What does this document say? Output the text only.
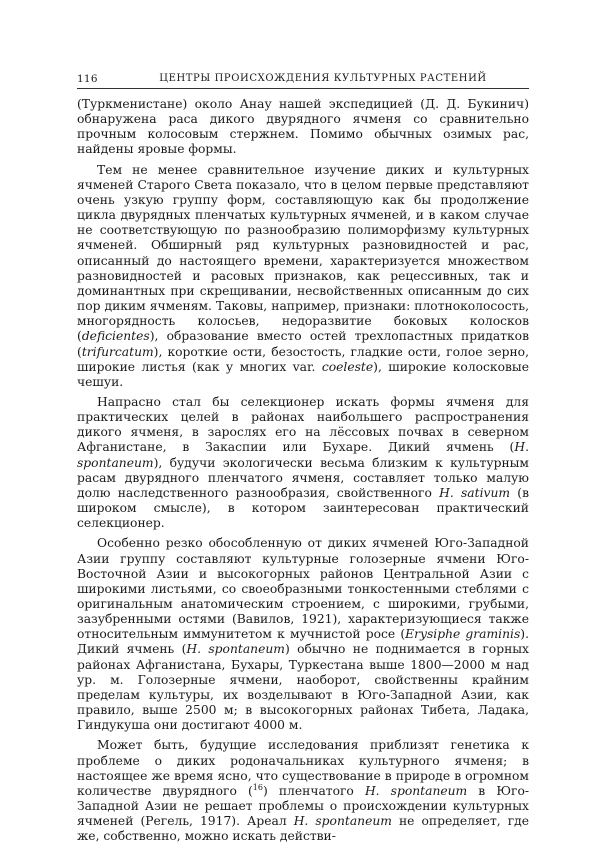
116	ЦЕНТРЫ ПРОИСХОЖДЕНИЯ КУЛЬТУРНЫХ РАСТЕНИЙ

(Туркменистане) около Анау нашей экспедицией (Д. Д. Букинич) обнаружена раса дикого двурядного ячменя со сравнительно прочным колосовым стержнем. Помимо обычных озимых рас, найдены яровые формы.

Тем не менее сравнительное изучение диких и культурных ячменей Старого Света показало, что в целом первые представляют очень узкую группу форм, составляющую как бы продолжение цикла двурядных пленчатых культурных ячменей, и в каком случае не соответствующую по разнообразию полиморфизму культурных ячменей. Обширный ряд культурных разновидностей и рас, описанный до настоящего времени, характеризуется множеством разновидностей и расовых признаков, как рецессивных, так и доминантных при скрещивании, несвойственных описанным до сих пор диким ячменям. Таковы, например, признаки: плотноколосость, многорядность колосьев, недоразвитие боковых колосков (deficientes), образование вместо остей трехлопастных придатков (trifurcatum), короткие ости, безостость, гладкие ости, голое зерно, широкие листья (как у многих var. coeleste), широкие колосковые чешуи.

Напрасно стал бы селекционер искать формы ячменя для практических целей в районах наибольшего распространения дикого ячменя, в зарослях его на лёссовых почвах в северном Афганистане, в Закаспии или Бухаре. Дикий ячмень (H. spontaneum), будучи экологически весьма близким к культурным расам двурядного пленчатого ячменя, составляет только малую долю наследственного разнообразия, свойственного H. sativum (в широком смысле), в котором заинтересован практический селекционер.

Особенно резко обособленную от диких ячменей Юго-Западной Азии группу составляют культурные голозерные ячмени Юго-Восточной Азии и высокогорных районов Центральной Азии с широкими листьями, со своеобразными тонкостенными стеблями с оригинальным анатомическим строением, с широкими, грубыми, зазубренными остями (Вавилов, 1921), характеризующиеся также относительным иммунитетом к мучнистой росе (Erysiphe graminis). Дикий ячмень (H. spontaneum) обычно не поднимается в горных районах Афганистана, Бухары, Туркестана выше 1800—2000 м над ур. м. Голозерные ячмени, наоборот, свойственны крайним пределам культуры, их возделывают в Юго-Западной Азии, как правило, выше 2500 м; в высокогорных районах Тибета, Ладака, Гиндукуша они достигают 4000 м.

Может быть, будущие исследования приблизят генетика к проблеме о диких родоначальниках культурного ячменя; в настоящее же время ясно, что существование в природе в огромном количестве двурядного ($^{16}$) пленчатого H. spontaneum в Юго-Западной Азии не решает проблемы о происхождении культурных ячменей (Регель, 1917). Ареал H. spontaneum не определяет, где же, собственно, можно искать действи-
